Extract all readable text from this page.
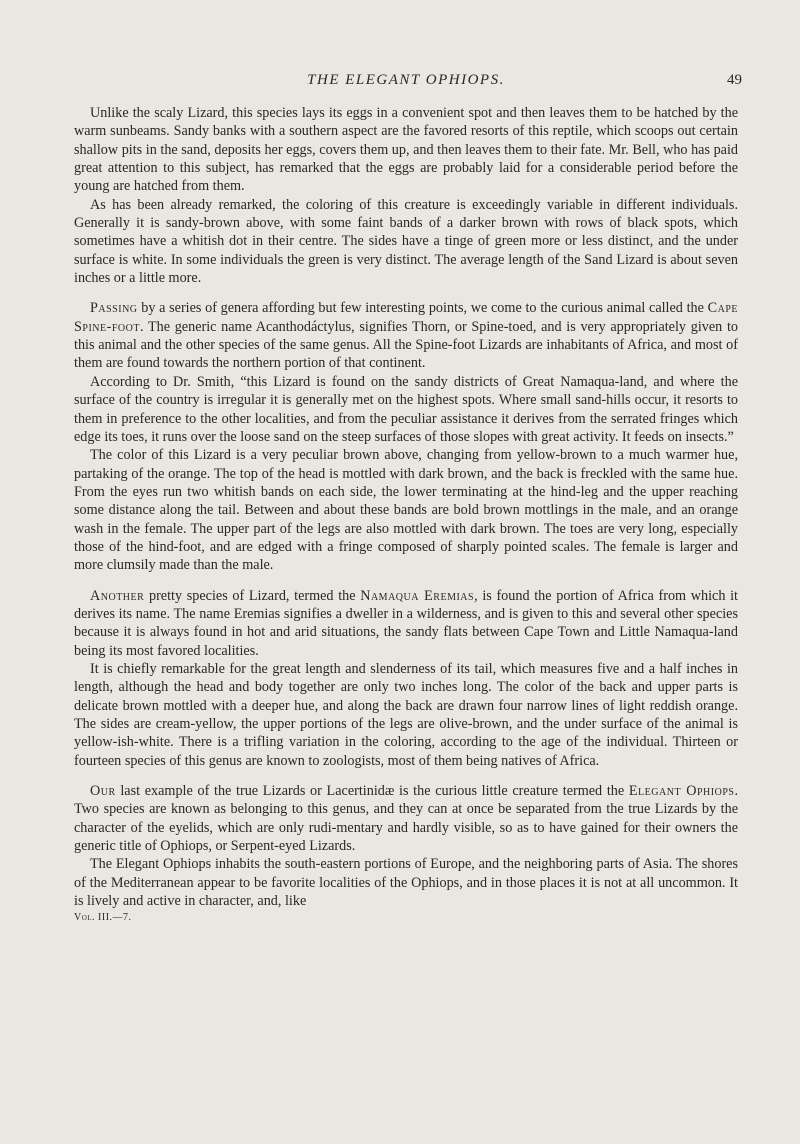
THE ELEGANT OPHIOPS.	49

Unlike the scaly Lizard, this species lays its eggs in a convenient spot and then leaves them to be hatched by the warm sunbeams. Sandy banks with a southern aspect are the favored resorts of this reptile, which scoops out certain shallow pits in the sand, deposits her eggs, covers them up, and then leaves them to their fate. Mr. Bell, who has paid great attention to this subject, has remarked that the eggs are probably laid for a considerable period before the young are hatched from them.

As has been already remarked, the coloring of this creature is exceedingly variable in different individuals. Generally it is sandy-brown above, with some faint bands of a darker brown with rows of black spots, which sometimes have a whitish dot in their centre. The sides have a tinge of green more or less distinct, and the under surface is white. In some individuals the green is very distinct. The average length of the Sand Lizard is about seven inches or a little more.

Passing by a series of genera affording but few interesting points, we come to the curious animal called the Cape Spine-foot. The generic name Acanthodáctylus, signifies Thorn, or Spine-toed, and is very appropriately given to this animal and the other species of the same genus. All the Spine-foot Lizards are inhabitants of Africa, and most of them are found towards the northern portion of that continent.

According to Dr. Smith, “this Lizard is found on the sandy districts of Great Namaqua-land, and where the surface of the country is irregular it is generally met on the highest spots. Where small sand-hills occur, it resorts to them in preference to the other localities, and from the peculiar assistance it derives from the serrated fringes which edge its toes, it runs over the loose sand on the steep surfaces of those slopes with great activity. It feeds on insects.”

The color of this Lizard is a very peculiar brown above, changing from yellow-brown to a much warmer hue, partaking of the orange. The top of the head is mottled with dark brown, and the back is freckled with the same hue. From the eyes run two whitish bands on each side, the lower terminating at the hind-leg and the upper reaching some distance along the tail. Between and about these bands are bold brown mottlings in the male, and an orange wash in the female. The upper part of the legs are also mottled with dark brown. The toes are very long, especially those of the hind-foot, and are edged with a fringe composed of sharply pointed scales. The female is larger and more clumsily made than the male.

Another pretty species of Lizard, termed the Namaqua Eremias, is found the portion of Africa from which it derives its name. The name Eremias signifies a dweller in a wilderness, and is given to this and several other species because it is always found in hot and arid situations, the sandy flats between Cape Town and Little Namaqua-land being its most favored localities.

It is chiefly remarkable for the great length and slenderness of its tail, which measures five and a half inches in length, although the head and body together are only two inches long. The color of the back and upper parts is delicate brown mottled with a deeper hue, and along the back are drawn four narrow lines of light reddish orange. The sides are cream-yellow, the upper portions of the legs are olive-brown, and the under surface of the animal is yellow-ish-white. There is a trifling variation in the coloring, according to the age of the individual. Thirteen or fourteen species of this genus are known to zoologists, most of them being natives of Africa.

Our last example of the true Lizards or Lacertinidæ is the curious little creature termed the Elegant Ophiops. Two species are known as belonging to this genus, and they can at once be separated from the true Lizards by the character of the eyelids, which are only rudi-mentary and hardly visible, so as to have gained for their owners the generic title of Ophiops, or Serpent-eyed Lizards.

The Elegant Ophiops inhabits the south-eastern portions of Europe, and the neighboring parts of Asia. The shores of the Mediterranean appear to be favorite localities of the Ophiops, and in those places it is not at all uncommon. It is lively and active in character, and, like

Vol. III.—7.
